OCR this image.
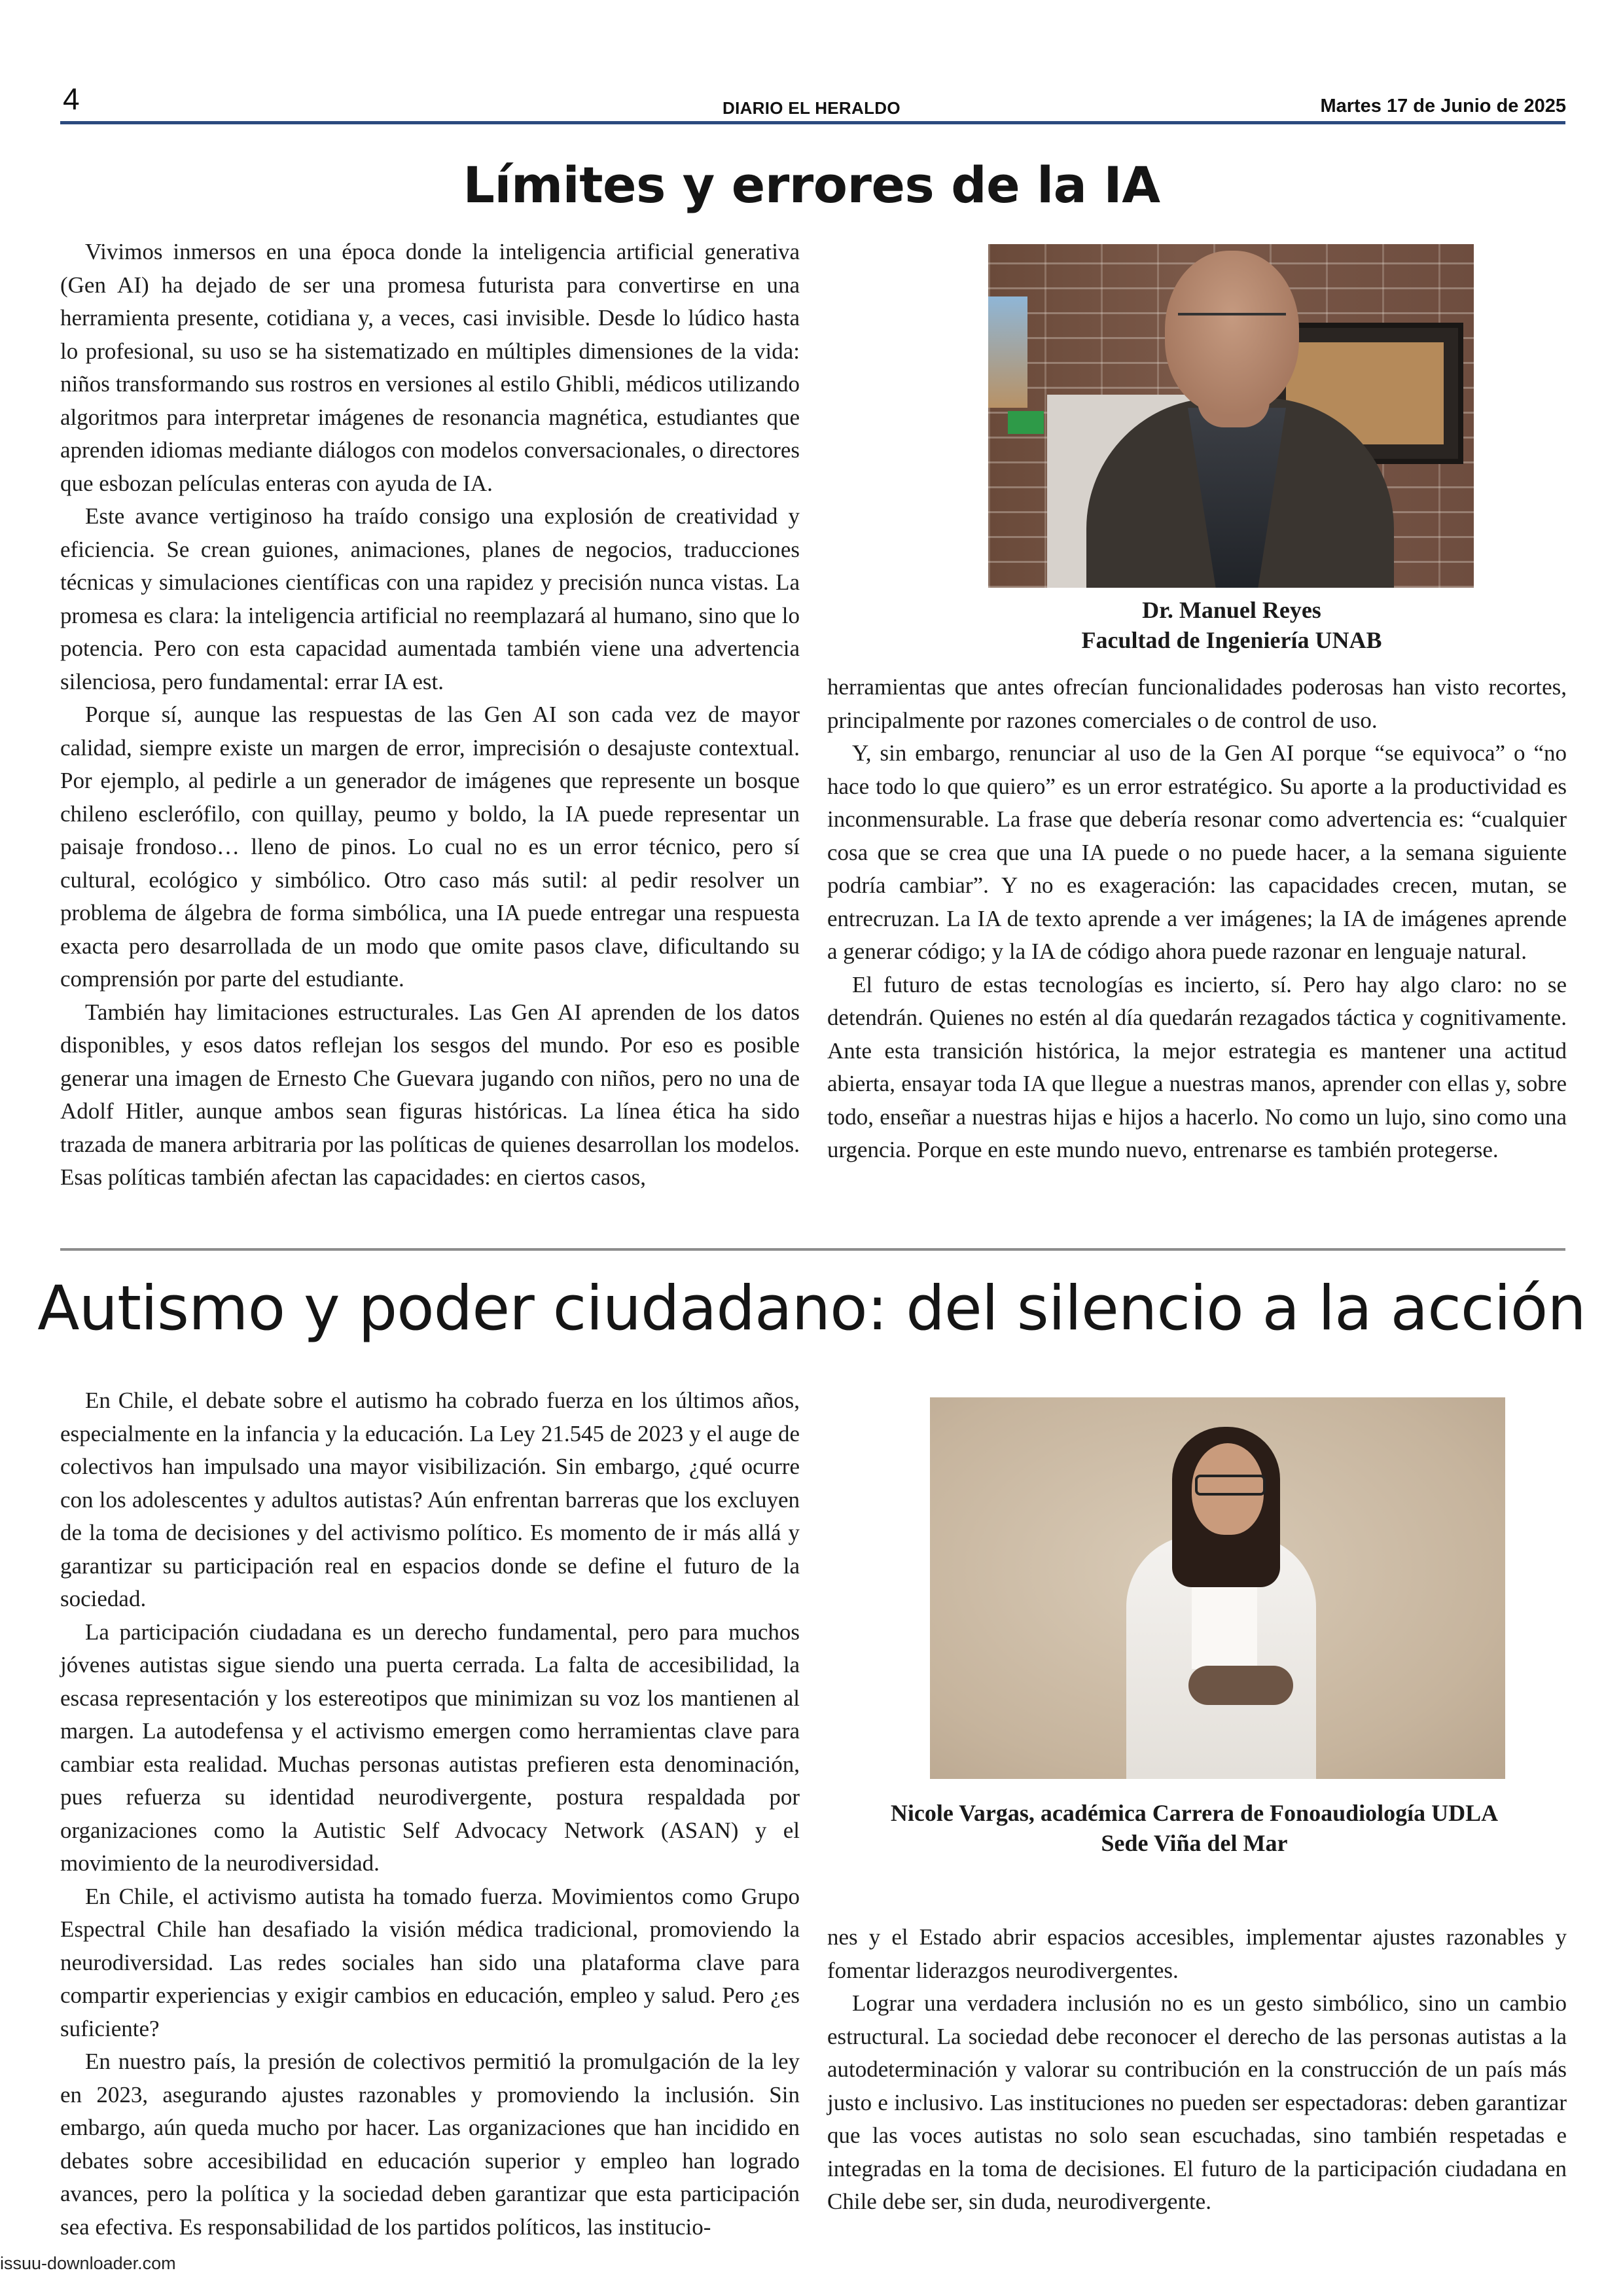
4	DIARIO EL HERALDO	Martes 17 de Junio de 2025
Límites y errores de la IA

Vivimos inmersos en una época donde la inteligencia artificial generativa (Gen AI) ha dejado de ser una promesa futurista para convertirse en una herramienta presente, cotidiana y, a veces, casi invisible. Desde lo lúdico hasta lo profesional, su uso se ha sistematizado en múltiples dimensiones de la vida: niños transformando sus rostros en versiones al estilo Ghibli, médicos utilizando algoritmos para interpretar imágenes de resonancia magnética, estudiantes que aprenden idiomas mediante diálogos con modelos conversacionales, o directores que esbozan películas enteras con ayuda de IA.

Este avance vertiginoso ha traído consigo una explosión de creatividad y eficiencia. Se crean guiones, animaciones, planes de negocios, traducciones técnicas y simulaciones científicas con una rapidez y precisión nunca vistas. La promesa es clara: la inteligencia artificial no reemplazará al humano, sino que lo potencia. Pero con esta capacidad aumentada también viene una advertencia silenciosa, pero fundamental: errar IA est.

Porque sí, aunque las respuestas de las Gen AI son cada vez de mayor calidad, siempre existe un margen de error, imprecisión o desajuste contextual. Por ejemplo, al pedirle a un generador de imágenes que represente un bosque chileno esclerófilo, con quillay, peumo y boldo, la IA puede representar un paisaje frondoso… lleno de pinos. Lo cual no es un error técnico, pero sí cultural, ecológico y simbólico. Otro caso más sutil: al pedir resolver un problema de álgebra de forma simbólica, una IA puede entregar una respuesta exacta pero desarrollada de un modo que omite pasos clave, dificultando su comprensión por parte del estudiante.

También hay limitaciones estructurales. Las Gen AI aprenden de los datos disponibles, y esos datos reflejan los sesgos del mundo. Por eso es posible generar una imagen de Ernesto Che Guevara jugando con niños, pero no una de Adolf Hitler, aunque ambos sean figuras históricas. La línea ética ha sido trazada de manera arbitraria por las políticas de quienes desarrollan los modelos. Esas políticas también afectan las capacidades: en ciertos casos,

Dr. Manuel Reyes
Facultad de Ingeniería UNAB

herramientas que antes ofrecían funcionalidades poderosas han visto recortes, principalmente por razones comerciales o de control de uso.

Y, sin embargo, renunciar al uso de la Gen AI porque “se equivoca” o “no hace todo lo que quiero” es un error estratégico. Su aporte a la productividad es inconmensurable. La frase que debería resonar como advertencia es: “cualquier cosa que se crea que una IA puede o no puede hacer, a la semana siguiente podría cambiar”. Y no es exageración: las capacidades crecen, mutan, se entrecruzan. La IA de texto aprende a ver imágenes; la IA de imágenes aprende a generar código; y la IA de código ahora puede razonar en lenguaje natural.

El futuro de estas tecnologías es incierto, sí. Pero hay algo claro: no se detendrán. Quienes no estén al día quedarán rezagados táctica y cognitivamente. Ante esta transición histórica, la mejor estrategia es mantener una actitud abierta, ensayar toda IA que llegue a nuestras manos, aprender con ellas y, sobre todo, enseñar a nuestras hijas e hijos a hacerlo. No como un lujo, sino como una urgencia. Porque en este mundo nuevo, entrenarse es también protegerse.

Autismo y poder ciudadano: del silencio a la acción

En Chile, el debate sobre el autismo ha cobrado fuerza en los últimos años, especialmente en la infancia y la educación. La Ley 21.545 de 2023 y el auge de colectivos han impulsado una mayor visibilización. Sin embargo, ¿qué ocurre con los adolescentes y adultos autistas? Aún enfrentan barreras que los excluyen de la toma de decisiones y del activismo político. Es momento de ir más allá y garantizar su participación real en espacios donde se define el futuro de la sociedad.

La participación ciudadana es un derecho fundamental, pero para muchos jóvenes autistas sigue siendo una puerta cerrada. La falta de accesibilidad, la escasa representación y los estereotipos que minimizan su voz los mantienen al margen. La autodefensa y el activismo emergen como herramientas clave para cambiar esta realidad. Muchas personas autistas prefieren esta denominación, pues refuerza su identidad neurodivergente, postura respaldada por organizaciones como la Autistic Self Advocacy Network (ASAN) y el movimiento de la neurodiversidad.

En Chile, el activismo autista ha tomado fuerza. Movimientos como Grupo Espectral Chile han desafiado la visión médica tradicional, promoviendo la neurodiversidad. Las redes sociales han sido una plataforma clave para compartir experiencias y exigir cambios en educación, empleo y salud. Pero ¿es suficiente?

En nuestro país, la presión de colectivos permitió la promulgación de la ley en 2023, asegurando ajustes razonables y promoviendo la inclusión. Sin embargo, aún queda mucho por hacer. Las organizaciones que han incidido en debates sobre accesibilidad en educación superior y empleo han logrado avances, pero la política y la sociedad deben garantizar que esta participación sea efectiva. Es responsabilidad de los partidos políticos, las institucio-

Nicole Vargas, académica Carrera de Fonoaudiología UDLA
Sede Viña del Mar

nes y el Estado abrir espacios accesibles, implementar ajustes razonables y fomentar liderazgos neurodivergentes.

Lograr una verdadera inclusión no es un gesto simbólico, sino un cambio estructural. La sociedad debe reconocer el derecho de las personas autistas a la autodeterminación y valorar su contribución en la construcción de un país más justo e inclusivo. Las instituciones no pueden ser espectadoras: deben garantizar que las voces autistas no solo sean escuchadas, sino también respetadas e integradas en la toma de decisiones. El futuro de la participación ciudadana en Chile debe ser, sin duda, neurodivergente.

issuu-downloader.com
